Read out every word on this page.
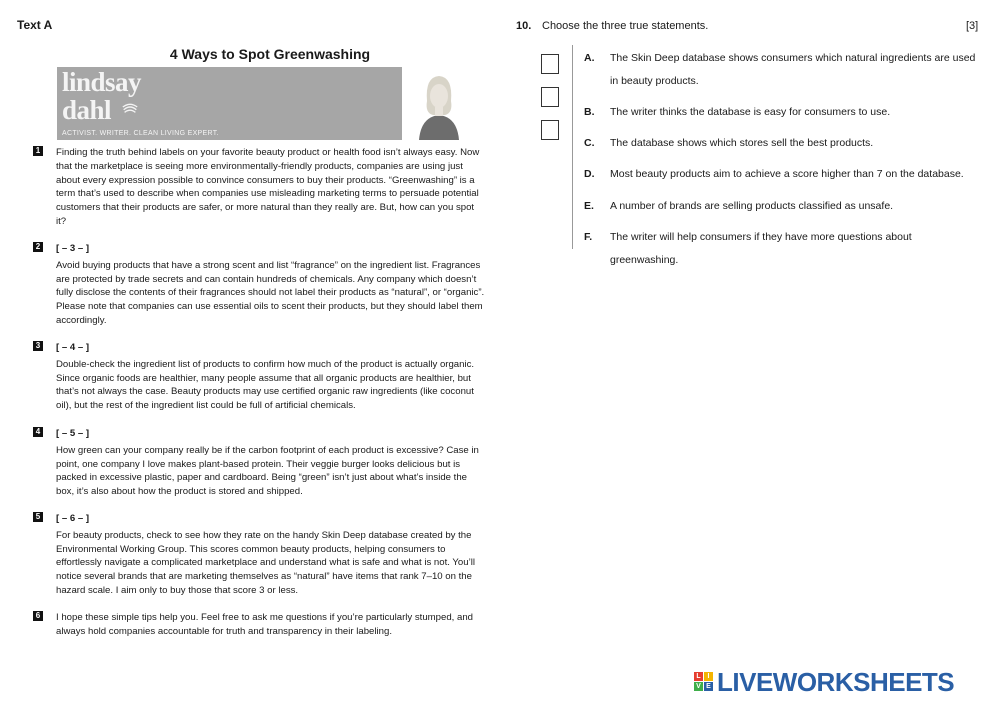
Text A
4 Ways to Spot Greenwashing
lindsay
dahl
ACTIVIST. WRITER. CLEAN LIVING EXPERT.
1 Finding the truth behind labels on your favorite beauty product or health food isn’t always easy. Now that the marketplace is seeing more environmentally-friendly products, companies are using just about every expression possible to convince consumers to buy their products. “Greenwashing” is a term that’s used to describe when companies use misleading marketing terms to persuade potential customers that their products are safer, or more natural than they really are. But, how can you spot it?
2 [ – 3 – ]
Avoid buying products that have a strong scent and list “fragrance” on the ingredient list. Fragrances are protected by trade secrets and can contain hundreds of chemicals. Any company which doesn’t fully disclose the contents of their fragrances should not label their products as “natural”, or “organic”. Please note that companies can use essential oils to scent their products, but they should label them accordingly.
3 [ – 4 – ]
Double-check the ingredient list of products to confirm how much of the product is actually organic. Since organic foods are healthier, many people assume that all organic products are healthier, but that’s not always the case. Beauty products may use certified organic raw ingredients (like coconut oil), but the rest of the ingredient list could be full of artificial chemicals.
4 [ – 5 – ]
How green can your company really be if the carbon footprint of each product is excessive? Case in point, one company I love makes plant-based protein. Their veggie burger looks delicious but is packed in excessive plastic, paper and cardboard. Being “green” isn’t just about what’s inside the box, it’s also about how the product is stored and shipped.
5 [ – 6 – ]
For beauty products, check to see how they rate on the handy Skin Deep database created by the Environmental Working Group. This scores common beauty products, helping consumers to effortlessly navigate a complicated marketplace and understand what is safe and what is not. You’ll notice several brands that are marketing themselves as “natural” have items that rank 7–10 on the hazard scale. I aim only to buy those that score 3 or less.
6 I hope these simple tips help you. Feel free to ask me questions if you’re particularly stumped, and always hold companies accountable for truth and transparency in their labeling.
10. Choose the three true statements.	[3]
A. The Skin Deep database shows consumers which natural ingredients are used in beauty products.
B. The writer thinks the database is easy for consumers to use.
C. The database shows which stores sell the best products.
D. Most beauty products aim to achieve a score higher than 7 on the database.
E. A number of brands are selling products classified as unsafe.
F. The writer will help consumers if they have more questions about greenwashing.
L I
V E LIVEWORKSHEETS
